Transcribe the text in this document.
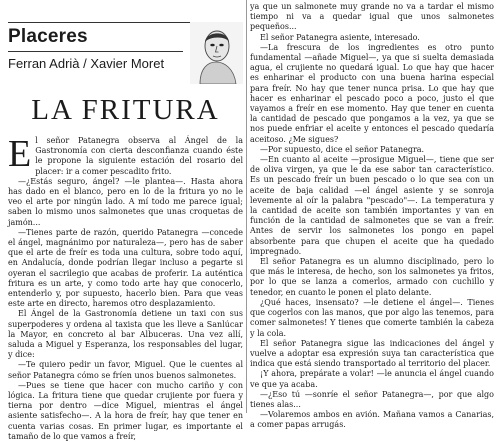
Placeres
Ferran Adrià / Xavier Moret
LA FRITURA

El señor Patanegra observa al Ángel de la Gastronomía con cierta desconfianza cuando éste le propone la siguiente estación del rosario del placer: ir a comer pescadito frito.

—¿Estás seguro, ángel? —le plantea—. Hasta ahora has dado en el blanco, pero en lo de la fritura yo no le veo el arte por ningún lado. A mí todo me parece igual; saben lo mismo unos salmonetes que unas croquetas de jamón...

—Tienes parte de razón, querido Patanegra —concede el ángel, magnánimo por naturaleza—, pero has de saber que el arte de freír es toda una cultura, sobre todo aquí, en Andalucía, donde podrían llegar incluso a pegarte si oyeran el sacrilegio que acabas de proferir. La auténtica fritura es un arte, y como todo arte hay que conocerlo, entenderlo y, por supuesto, hacerlo bien. Para que veas este arte en directo, haremos otro desplazamiento.

El Ángel de la Gastronomía detiene un taxi con sus superpoderes y ordena al taxista que les lleve a Sanlúcar la Mayor, en concreto al bar Albuceras. Una vez allí, saluda a Miguel y Esperanza, los responsables del lugar, y dice:

—Te quiero pedir un favor, Miguel. Que le cuentes al señor Patanegra cómo se fríen unos buenos salmonetes.

—Pues se tiene que hacer con mucho cariño y con lógica. La fritura tiene que quedar crujiente por fuera y tierna por dentro —dice Miguel, mientras el ángel asiente satisfecho—. A la hora de freír, hay que tener en cuenta varias cosas. En primer lugar, es importante el tamaño de lo que vamos a freír,

ya que un salmonete muy grande no va a tardar el mismo tiempo ni va a quedar igual que unos salmonetes pequeños...

El señor Patanegra asiente, interesado.

—La frescura de los ingredientes es otro punto fundamental —añade Miguel—, ya que si suelta demasiada agua, el crujiente no quedará igual. Lo que hay que hacer es enharinar el producto con una buena harina especial para freír. No hay que tener nunca prisa. Lo que hay que hacer es enharinar el pescado poco a poco, justo el que vayamos a freír en ese momento. Hay que tener en cuenta la cantidad de pescado que pongamos a la vez, ya que se nos puede enfriar el aceite y entonces el pescado quedaría aceitoso. ¿Me sigues?

—Por supuesto, dice el señor Patanegra.

—En cuanto al aceite —prosigue Miguel—, tiene que ser de oliva virgen, ya que le da ese sabor tan característico. Es un pescado freír un buen pescado o lo que sea con un aceite de baja calidad —el ángel asiente y se sonroja levemente al oír la palabra "pescado"—. La temperatura y la cantidad de aceite son también importantes y van en función de la cantidad de salmonetes que se van a freír. Antes de servir los salmonetes los pongo en papel absorbente para que chupen el aceite que ha quedado impregnado.

El señor Patanegra es un alumno disciplinado, pero lo que más le interesa, de hecho, son los salmonetes ya fritos, por lo que se lanza a comerlos, armado con cuchillo y tenedor, en cuanto le ponen el plato delante.

¿Qué haces, insensato? —le detiene el ángel—. Tienes que cogerlos con las manos, que por algo las tenemos, para comer salmonetes! Y tienes que comerte también la cabeza y la cola.

El señor Patanegra sigue las indicaciones del ángel y vuelve a adoptar esa expresión suya tan característica que indica que está siendo transportado al territorio del placer.

¡Y ahora, prepárate a volar! —le anuncia el ángel cuando ve que ya acaba.

—¿Eso tú —sonríe el señor Patanegra—, por que algo tienes alas...

—Volaremos ambos en avión. Mañana vamos a Canarias, a comer papas arrugás.
